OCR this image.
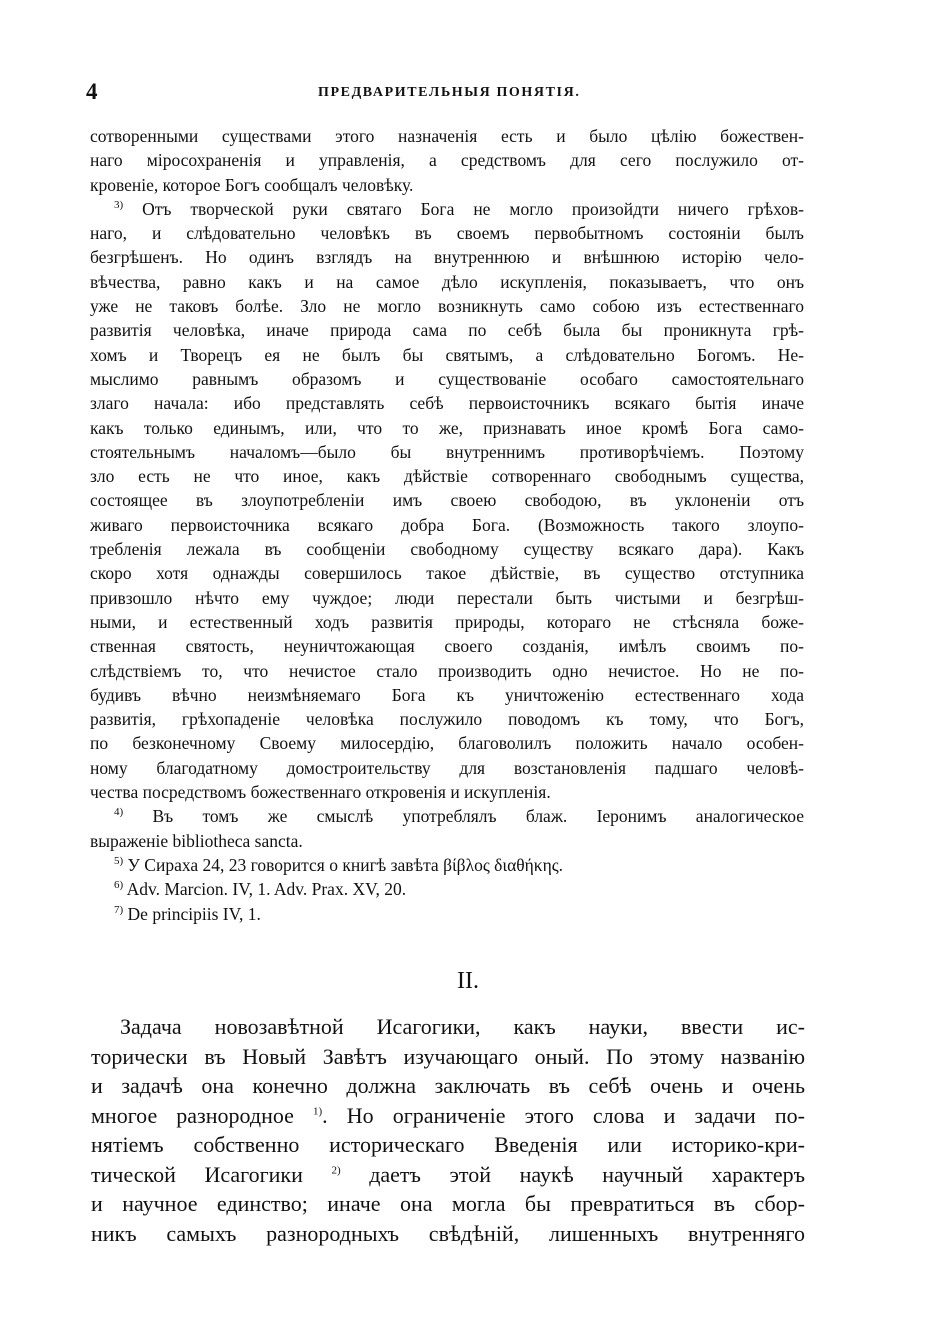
4	ПРЕДВАРИТЕЛЬНЫЯ ПОНЯТІЯ.
сотворенными существами этого назначенія есть и было цѣлію божествен-
наго міросохраненія и управленія, а средствомъ для сего послужило от-
кровеніе, которое Богъ сообщалъ человѣку.
$^{3)}$ Отъ творческой руки святаго Бога не могло произойдти ничего грѣхов-
наго, и слѣдовательно человѣкъ въ своемъ первобытномъ состояніи былъ
безгрѣшенъ. Но одинъ взглядъ на внутреннюю и внѣшнюю исторію чело-
вѣчества, равно какъ и на самое дѣло искупленія, показываетъ, что онъ
уже не таковъ болѣе. Зло не могло возникнуть само собою изъ естественнаго
развитія человѣка, иначе природа сама по себѣ была бы проникнута грѣ-
хомъ и Творецъ ея не былъ бы святымъ, а слѣдовательно Богомъ. Не-
мыслимо равнымъ образомъ и существованіе особаго самостоятельнаго
злаго начала: ибо представлять себѣ первоисточникъ всякаго бытія иначе
какъ только единымъ, или, что то же, признавать иное кромѣ Бога само-
стоятельнымъ началомъ—было бы внутреннимъ противорѣчіемъ. Поэтому
зло есть не что иное, какъ дѣйствіе сотвореннаго свободнымъ существа,
состоящее въ злоупотребленіи имъ своею свободою, въ уклоненіи отъ
живаго первоисточника всякаго добра Бога. (Возможность такого злоупо-
требленія лежала въ сообщеніи свободному существу всякаго дара). Какъ
скоро хотя однажды совершилось такое дѣйствіе, въ существо отступника
привзошло нѣчто ему чуждое; люди перестали быть чистыми и безгрѣш-
ными, и естественный ходъ развитія природы, котораго не стѣсняла боже-
ственная святость, неуничтожающая своего созданія, имѣлъ своимъ по-
слѣдствіемъ то, что нечистое стало производить одно нечистое. Но не по-
будивъ вѣчно неизмѣняемаго Бога къ уничтоженію естественнаго хода
развитія, грѣхопаденіе человѣка послужило поводомъ къ тому, что Богъ,
по безконечному Своему милосердію, благоволилъ положить начало особен-
ному благодатному домостроительству для возстановленія падшаго человѣ-
чества посредствомъ божественнаго откровенія и искупленія.
$^{4)}$ Въ томъ же смыслѣ употреблялъ блаж. Іеронимъ аналогическое
выраженіе bibliotheca sancta.
$^{5)}$ У Сираха 24, 23 говорится о книгѣ завѣта βίβλος διαθήκης.
$^{6)}$ Adv. Marcion. IV, 1. Adv. Prax. XV, 20.
$^{7)}$ De principiis IV, 1.
II.
Задача новозавѣтной Исагогики, какъ науки, ввести ис-
торически въ Новый Завѣтъ изучающаго оный. По этому названію
и задачѣ она конечно должна заключать въ себѣ очень и очень
многое разнородное $^{1)}$. Но ограниченіе этого слова и задачи по-
нятіемъ собственно историческаго Введенія или историко-кри-
тической Исагогики $^{2)}$ даетъ этой наукѣ научный характеръ
и научное единство; иначе она могла бы превратиться въ сбор-
никъ самыхъ разнородныхъ свѣдѣній, лишенныхъ внутренняго
